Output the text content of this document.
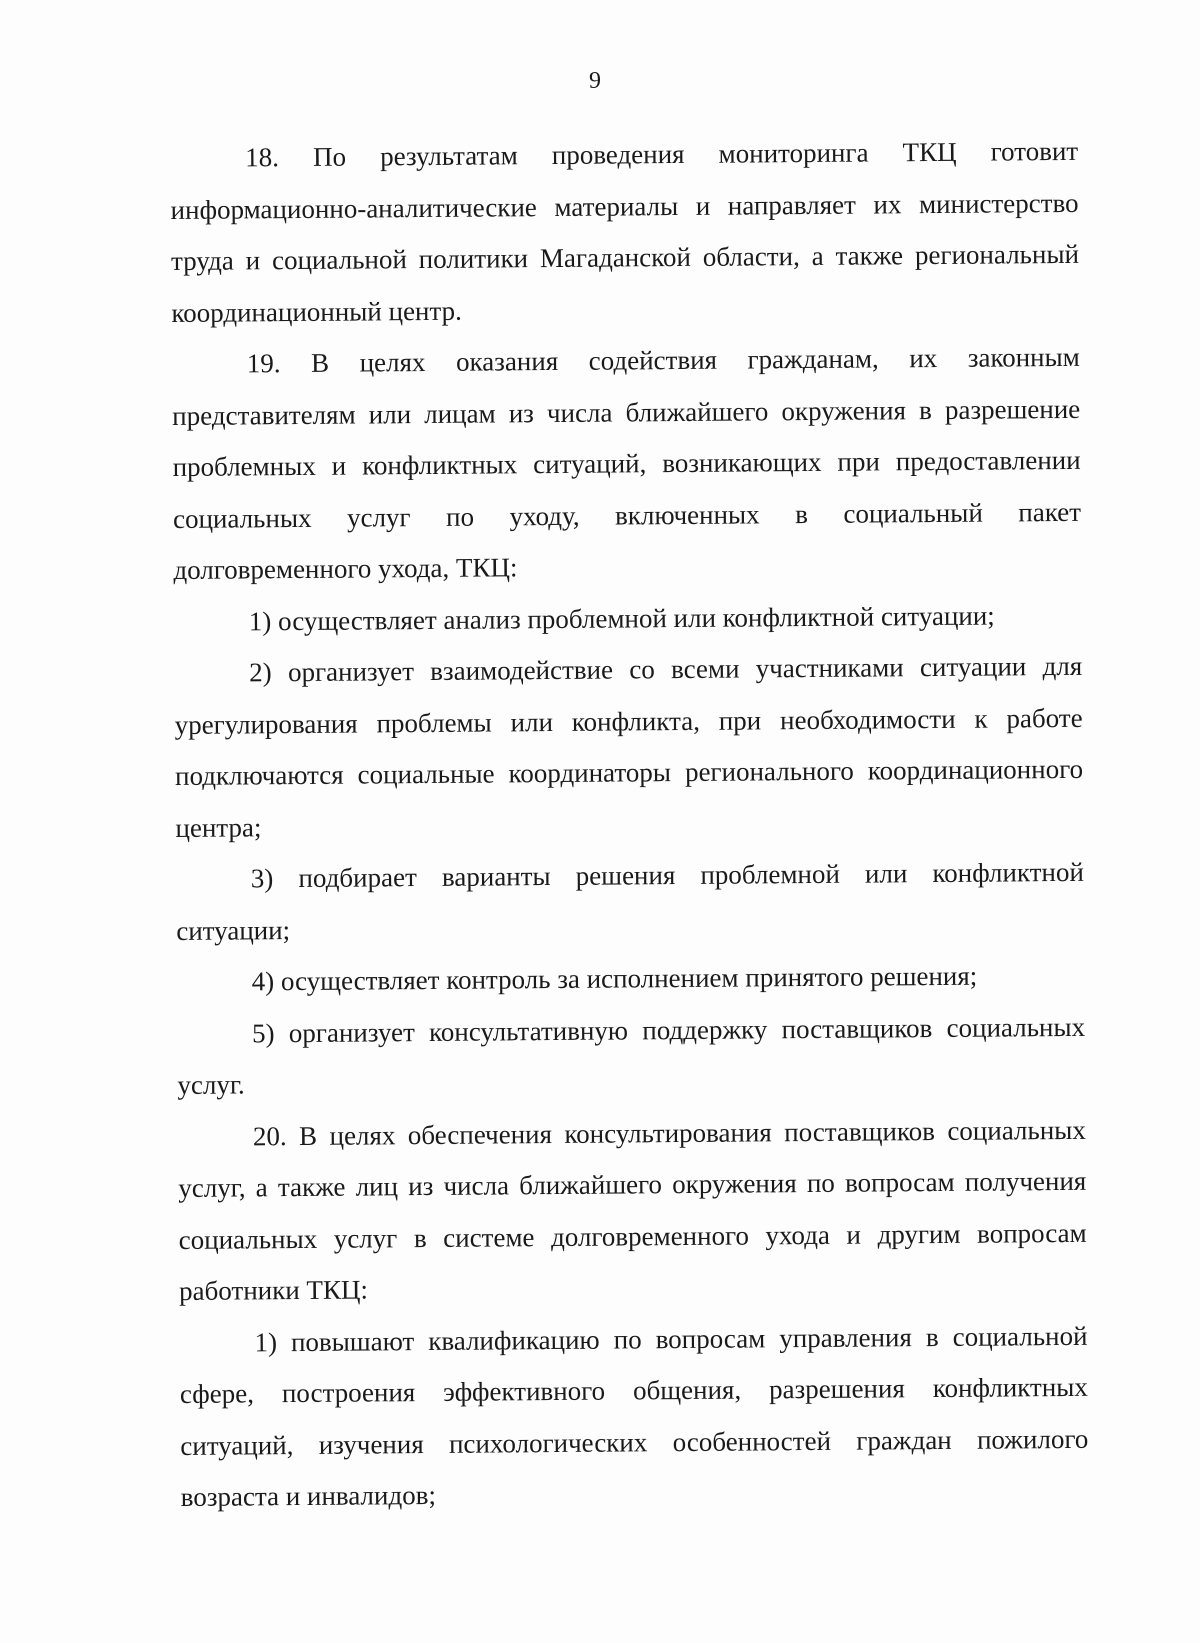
9

18. По результатам проведения мониторинга ТКЦ готовит информационно-аналитические материалы и направляет их министерство труда и социальной политики Магаданской области, а также региональный координационный центр.

19. В целях оказания содействия гражданам, их законным представителям или лицам из числа ближайшего окружения в разрешение проблемных и конфликтных ситуаций, возникающих при предоставлении социальных услуг по уходу, включенных в социальный пакет долговременного ухода, ТКЦ:

1) осуществляет анализ проблемной или конфликтной ситуации;

2) организует взаимодействие со всеми участниками ситуации для урегулирования проблемы или конфликта, при необходимости к работе подключаются социальные координаторы регионального координационного центра;

3) подбирает варианты решения проблемной или конфликтной ситуации;

4) осуществляет контроль за исполнением принятого решения;

5) организует консультативную поддержку поставщиков социальных услуг.

20. В целях обеспечения консультирования поставщиков социальных услуг, а также лиц из числа ближайшего окружения по вопросам получения социальных услуг в системе долговременного ухода и другим вопросам работники ТКЦ:

1) повышают квалификацию по вопросам управления в социальной сфере, построения эффективного общения, разрешения конфликтных ситуаций, изучения психологических особенностей граждан пожилого возраста и инвалидов;
